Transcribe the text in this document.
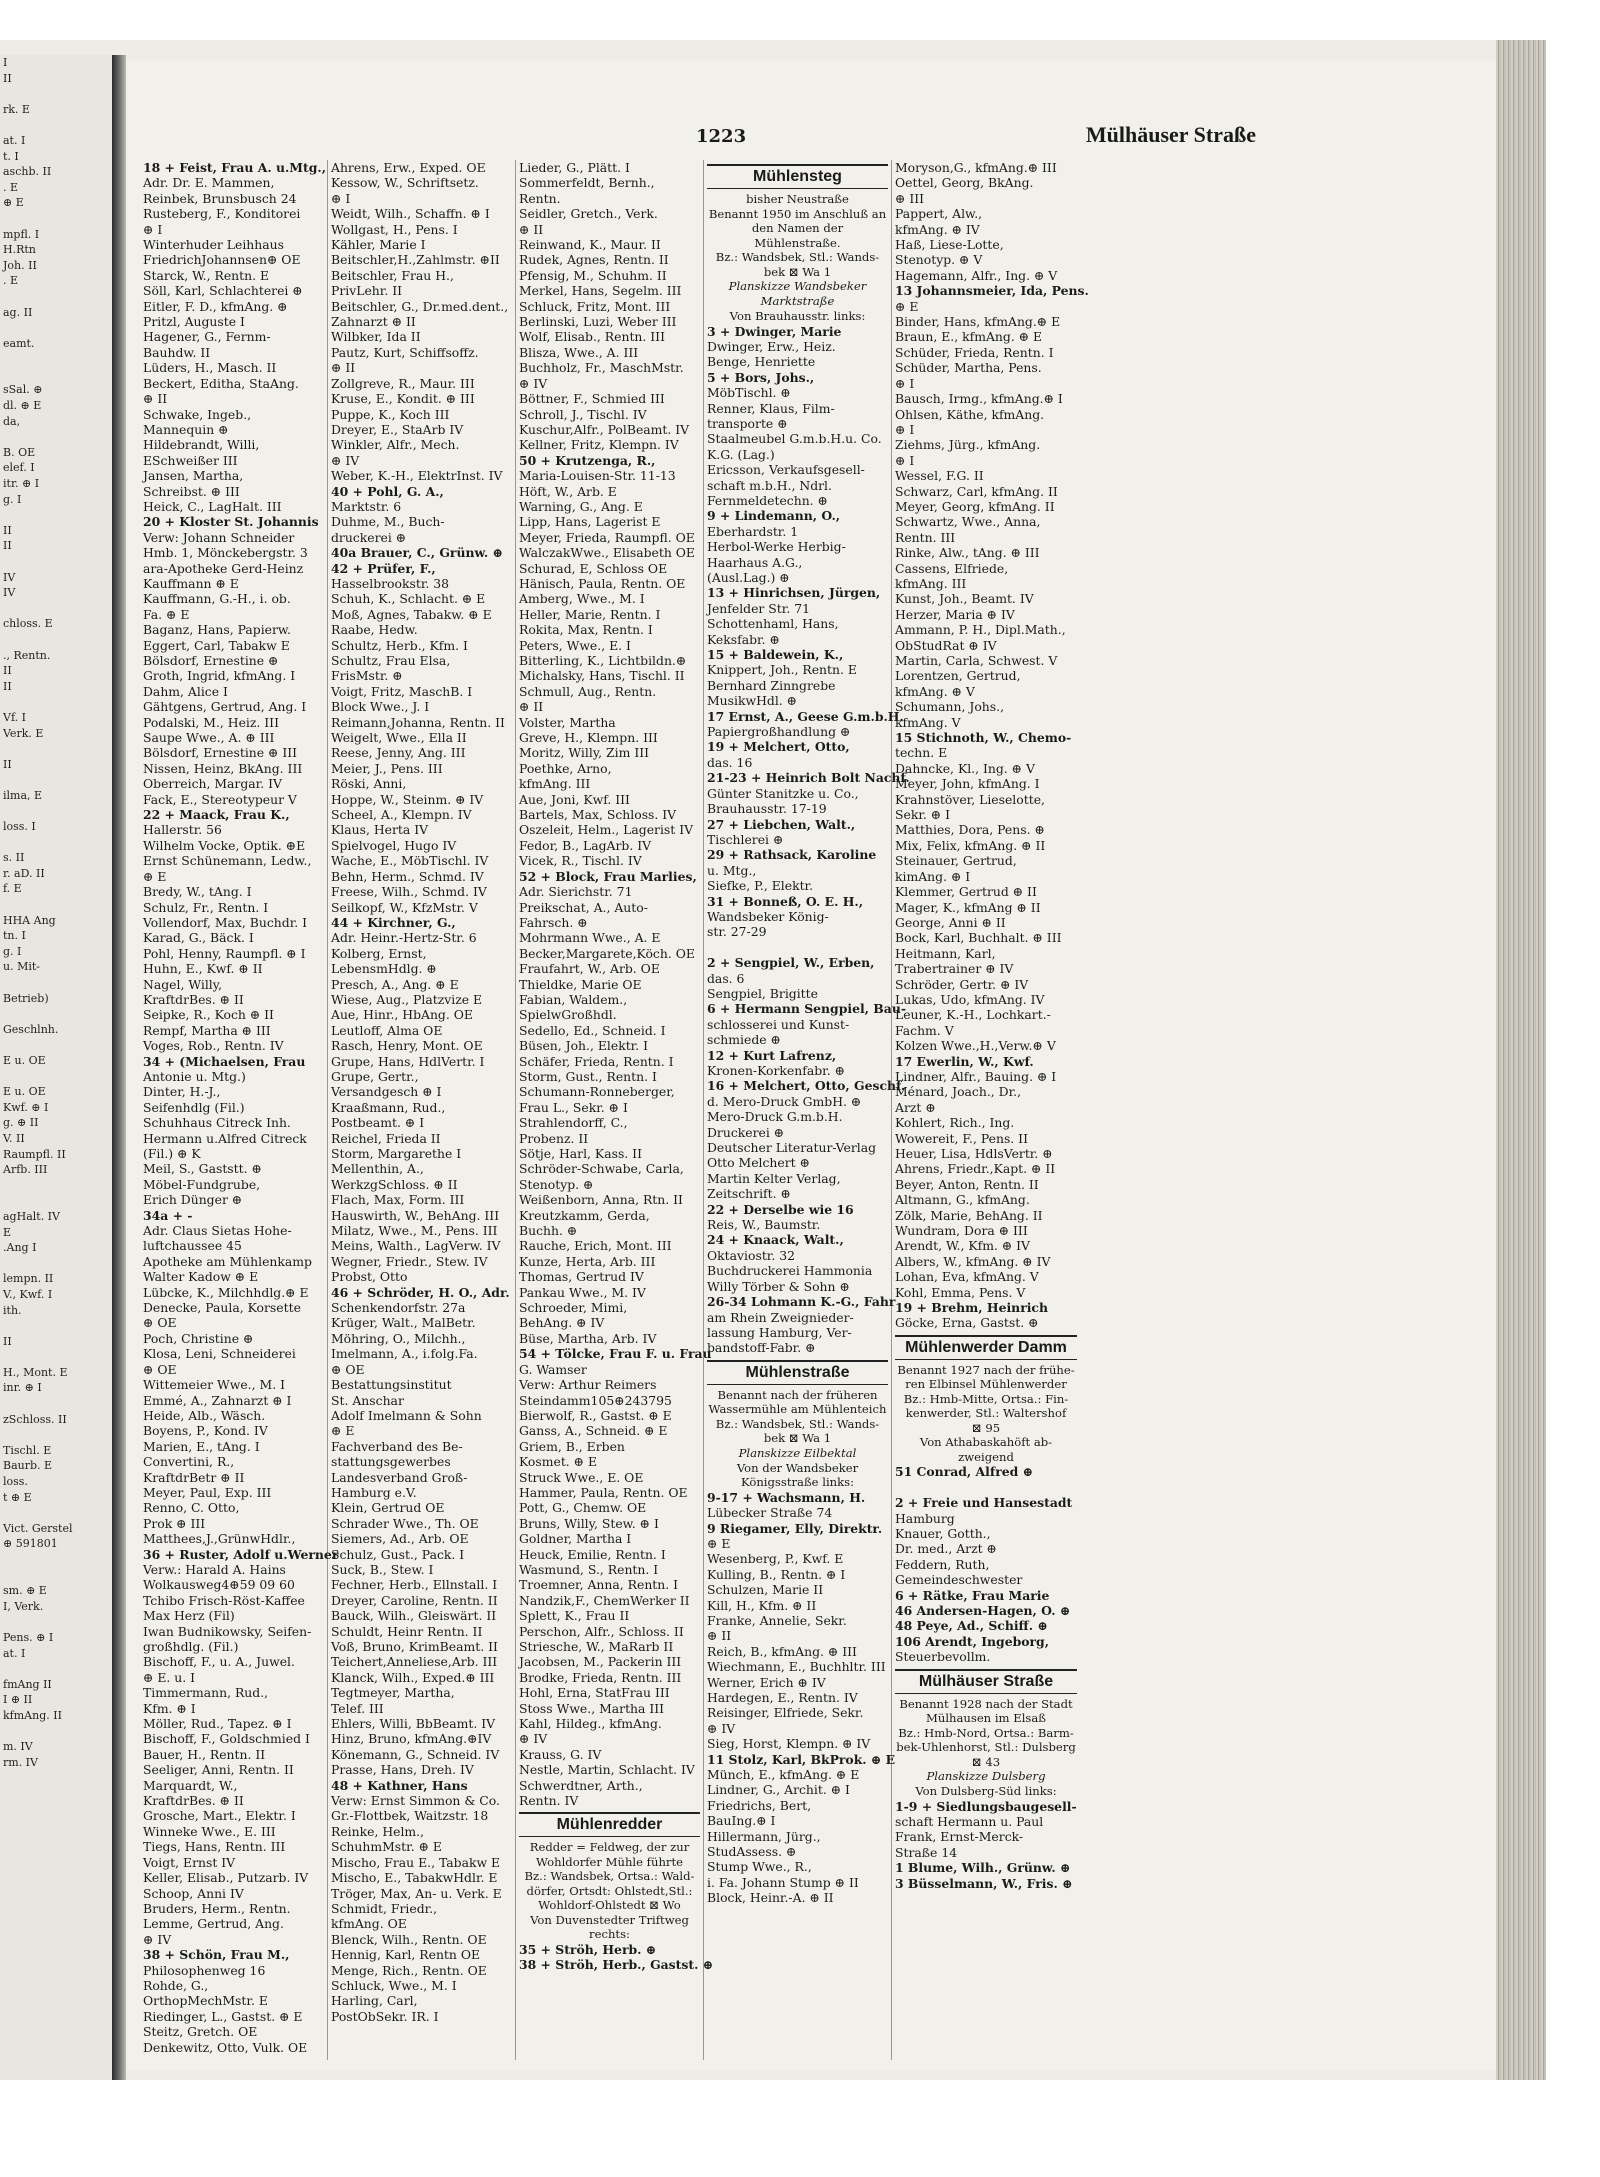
I
II

rk. E

at. I
t. I
aschb. II
. E
⊕ E

mpfl. I
H.Rtn
Joh. II
. E

ag. II

eamt.

sSal. ⊕
dl. ⊕ E
da,

B. OE
elef. I
itr. ⊕ I
g. I

II
II

IV
IV

chloss. E

., Rentn.
II
II

Vf. I
Verk. E

II

ilma, E

loss. I

s. II
r. aD. II
f. E

HHA Ang
tn. I
g. I
u. Mit-

Betrieb)

Geschlnh.

E u. OE

E u. OE
Kwf. ⊕ I
g. ⊕ II
V. II
Raumpfl. II
Arfb. III

agHalt. IV
E
.Ang I

lempn. II
V., Kwf. I
ith.

II

H., Mont. E
inr. ⊕ I

zSchloss. II

Tischl. E
Baurb. E
loss.
t ⊕ E

Vict. Gerstel
⊕ 591801

sm. ⊕ E
I, Verk.

Pens. ⊕ I
at. I

fmAng II
I ⊕ II
kfmAng. II

m. IV
rm. IV
1223	Mülhäuser Straße
18 + Feist, Frau A. u.Mtg.,
Adr. Dr. E. Mammen,
Reinbek, Brunsbusch 24
Rusteberg, F., Konditorei
⊕ I
Winterhuder Leihhaus
FriedrichJohannsen⊕ OE
Starck, W., Rentn. E
Söll, Karl, Schlachterei ⊕
Eitler, F. D., kfmAng. ⊕
Pritzl, Auguste I
Hagener, G., Fernm-
Bauhdw. II
Lüders, H., Masch. II
Beckert, Editha, StaAng.
⊕ II
Schwake, Ingeb.,
Mannequin ⊕
Hildebrandt, Willi,
ESchweißer III
Jansen, Martha,
Schreibst. ⊕ III
Heick, C., LagHalt. III
20 + Kloster St. Johannis
Verw: Johann Schneider
Hmb. 1, Mönckebergstr. 3
ara-Apotheke Gerd-Heinz
Kauffmann ⊕ E
Kauffmann, G.-H., i. ob.
Fa. ⊕ E
Baganz, Hans, Papierw.
Eggert, Carl, Tabakw E
Bölsdorf, Ernestine ⊕
Groth, Ingrid, kfmAng. I
Dahm, Alice I
Gähtgens, Gertrud, Ang. I
Podalski, M., Heiz. III
Saupe Wwe., A. ⊕ III
Bölsdorf, Ernestine ⊕ III
Nissen, Heinz, BkAng. III
Oberreich, Margar. IV
Fack, E., Stereotypeur V
22 + Maack, Frau K.,
Hallerstr. 56
Wilhelm Vocke, Optik. ⊕E
Ernst Schünemann, Ledw.,
⊕ E
Bredy, W., tAng. I
Schulz, Fr., Rentn. I
Vollendorf, Max, Buchdr. I
Karad, G., Bäck. I
Pohl, Henny, Raumpfl. ⊕ I
Huhn, E., Kwf. ⊕ II
Nagel, Willy,
KraftdrBes. ⊕ II
Seipke, R., Koch ⊕ II
Rempf, Martha ⊕ III
Voges, Rob., Rentn. IV
34 + (Michaelsen, Frau
Antonie u. Mtg.)
Dinter, H.-J.,
Seifenhdlg (Fil.)
Schuhhaus Citreck Inh.
Hermann u.Alfred Citreck
(Fil.) ⊕ K
Meil, S., Gaststt. ⊕
Möbel-Fundgrube,
Erich Dünger ⊕
34a + -
Adr. Claus Sietas Hohe-
luftchaussee 45
Apotheke am Mühlenkamp
Walter Kadow ⊕ E
Lübcke, K., Milchhdlg.⊕ E
Denecke, Paula, Korsette
⊕ OE
Poch, Christine ⊕
Klosa, Leni, Schneiderei
⊕ OE
Wittemeier Wwe., M. I
Emmé, A., Zahnarzt ⊕ I
Heide, Alb., Wäsch.
Boyens, P., Kond. IV
Marien, E., tAng. I
Convertini, R.,
KraftdrBetr ⊕ II
Meyer, Paul, Exp. III
Renno, C. Otto,
Prok ⊕ III
Matthees,J.,GrünwHdlr.,
36 + Ruster, Adolf u.Werner
Verw.: Harald A. Hains
Wolkausweg4⊕59 09 60
Tchibo Frisch-Röst-Kaffee
Max Herz (Fil)
Iwan Budnikowsky, Seifen-
großhdlg. (Fil.)
Bischoff, F., u. A., Juwel.
⊕ E. u. I
Timmermann, Rud.,
Kfm. ⊕ I
Möller, Rud., Tapez. ⊕ I
Bischoff, F., Goldschmied I
Bauer, H., Rentn. II
Seeliger, Anni, Rentn. II
Marquardt, W.,
KraftdrBes. ⊕ II
Grosche, Mart., Elektr. I
Winneke Wwe., E. III
Tiegs, Hans, Rentn. III
Voigt, Ernst IV
Keller, Elisab., Putzarb. IV
Schoop, Anni IV
Bruders, Herm., Rentn.
Lemme, Gertrud, Ang.
⊕ IV
38 + Schön, Frau M.,
Philosophenweg 16
Rohde, G.,
OrthopMechMstr. E
Riedinger, L., Gastst. ⊕ E
Steitz, Gretch. OE
Denkewitz, Otto, Vulk. OE
Ahrens, Erw., Exped. OE
Kessow, W., Schriftsetz.
⊕ I
Weidt, Wilh., Schaffn. ⊕ I
Wollgast, H., Pens. I
Kähler, Marie I
Beitschler,H.,Zahlmstr. ⊕II
Beitschler, Frau H.,
PrivLehr. II
Beitschler, G., Dr.med.dent.,
Zahnarzt ⊕ II
Wilbker, Ida II
Pautz, Kurt, Schiffsoffz.
⊕ II
Zollgreve, R., Maur. III
Kruse, E., Kondit. ⊕ III
Puppe, K., Koch III
Dreyer, E., StaArb IV
Winkler, Alfr., Mech.
⊕ IV
Weber, K.-H., ElektrInst. IV
40 + Pohl, G. A.,
Marktstr. 6
Duhme, M., Buch-
druckerei ⊕
40a Brauer, C., Grünw. ⊕
42 + Prüfer, F.,
Hasselbrookstr. 38
Schuh, K., Schlacht. ⊕ E
Moß, Agnes, Tabakw. ⊕ E
Raabe, Hedw.
Schultz, Herb., Kfm. I
Schultz, Frau Elsa,
FrisMstr. ⊕
Voigt, Fritz, MaschB. I
Block Wwe., J. I
Reimann,Johanna, Rentn. II
Weigelt, Wwe., Ella II
Reese, Jenny, Ang. III
Meier, J., Pens. III
Röski, Anni,
Hoppe, W., Steinm. ⊕ IV
Scheel, A., Klempn. IV
Klaus, Herta IV
Spielvogel, Hugo IV
Wache, E., MöbTischl. IV
Behn, Herm., Schmd. IV
Freese, Wilh., Schmd. IV
Seilkopf, W., KfzMstr. V
44 + Kirchner, G.,
Adr. Heinr.-Hertz-Str. 6
Kolberg, Ernst,
LebensmHdlg. ⊕
Presch, A., Ang. ⊕ E
Wiese, Aug., Platzvize E
Aue, Hinr., HbAng. OE
Leutloff, Alma OE
Rasch, Henry, Mont. OE
Grupe, Hans, HdlVertr. I
Grupe, Gertr.,
Versandgesch ⊕ I
Kraaßmann, Rud.,
Postbeamt. ⊕ I
Reichel, Frieda II
Storm, Margarethe I
Mellenthin, A.,
WerkzgSchloss. ⊕ II
Flach, Max, Form. III
Hauswirth, W., BehAng. III
Milatz, Wwe., M., Pens. III
Meins, Walth., LagVerw. IV
Wegner, Friedr., Stew. IV
Probst, Otto
46 + Schröder, H. O., Adr.
Schenkendorfstr. 27a
Krüger, Walt., MalBetr.
Möhring, O., Milchh.,
Imelmann, A., i.folg.Fa.
⊕ OE
Bestattungsinstitut
St. Anschar
Adolf Imelmann & Sohn
⊕ E
Fachverband des Be-
stattungsgewerbes
Landesverband Groß-
Hamburg e.V.
Klein, Gertrud OE
Schrader Wwe., Th. OE
Siemers, Ad., Arb. OE
Schulz, Gust., Pack. I
Suck, B., Stew. I
Fechner, Herb., Ellnstall. I
Dreyer, Caroline, Rentn. II
Bauck, Wilh., Gleiswärt. II
Schuldt, Heinr Rentn. II
Voß, Bruno, KrimBeamt. II
Teichert,Anneliese,Arb. III
Klanck, Wilh., Exped.⊕ III
Tegtmeyer, Martha,
Telef. III
Ehlers, Willi, BbBeamt. IV
Hinz, Bruno, kfmAng.⊕IV
Könemann, G., Schneid. IV
Prasse, Hans, Dreh. IV
48 + Kathner, Hans
Verw: Ernst Simmon & Co.
Gr.-Flottbek, Waitzstr. 18
Reinke, Helm.,
SchuhmMstr. ⊕ E
Mischo, Frau E., Tabakw E
Mischo, E., TabakwHdlr. E
Tröger, Max, An- u. Verk. E
Schmidt, Friedr.,
kfmAng. OE
Blenck, Wilh., Rentn. OE
Hennig, Karl, Rentn OE
Menge, Rich., Rentn. OE
Schluck, Wwe., M. I
Harling, Carl,
PostObSekr. IR. I
Lieder, G., Plätt. I
Sommerfeldt, Bernh.,
Rentn.
Seidler, Gretch., Verk.
⊕ II
Reinwand, K., Maur. II
Rudek, Agnes, Rentn. II
Pfensig, M., Schuhm. II
Merkel, Hans, Segelm. III
Schluck, Fritz, Mont. III
Berlinski, Luzi, Weber III
Wolf, Elisab., Rentn. III
Blisza, Wwe., A. III
Buchholz, Fr., MaschMstr.
⊕ IV
Böttner, F., Schmied III
Schroll, J., Tischl. IV
Kuschur,Alfr., PolBeamt. IV
Kellner, Fritz, Klempn. IV
50 + Krutzenga, R.,
Maria-Louisen-Str. 11-13
Höft, W., Arb. E
Warning, G., Ang. E
Lipp, Hans, Lagerist E
Meyer, Frieda, Raumpfl. OE
WalczakWwe., Elisabeth OE
Schurad, E, Schloss OE
Hänisch, Paula, Rentn. OE
Amberg, Wwe., M. I
Heller, Marie, Rentn. I
Rokita, Max, Rentn. I
Peters, Wwe., E. I
Bitterling, K., Lichtbildn.⊕
Michalsky, Hans, Tischl. II
Schmull, Aug., Rentn.
⊕ II
Volster, Martha
Greve, H., Klempn. III
Moritz, Willy, Zim III
Poethke, Arno,
kfmAng. III
Aue, Joni, Kwf. III
Bartels, Max, Schloss. IV
Oszeleit, Helm., Lagerist IV
Fedor, B., LagArb. IV
Vicek, R., Tischl. IV
52 + Block, Frau Marlies,
Adr. Sierichstr. 71
Preikschat, A., Auto-
Fahrsch. ⊕
Mohrmann Wwe., A. E
Becker,Margarete,Köch. OE
Fraufahrt, W., Arb. OE
Thieldke, Marie OE
Fabian, Waldem.,
SpielwGroßhdl.
Sedello, Ed., Schneid. I
Büsen, Joh., Elektr. I
Schäfer, Frieda, Rentn. I
Storm, Gust., Rentn. I
Schumann-Ronneberger,
Frau L., Sekr. ⊕ I
Strahlendorff, C.,
Probenz. II
Sötje, Harl, Kass. II
Schröder-Schwabe, Carla,
Stenotyp. ⊕
Weißenborn, Anna, Rtn. II
Kreutzkamm, Gerda,
Buchh. ⊕
Rauche, Erich, Mont. III
Kunze, Herta, Arb. III
Thomas, Gertrud IV
Pankau Wwe., M. IV
Schroeder, Mimi,
BehAng. ⊕ IV
Büse, Martha, Arb. IV
54 + Tölcke, Frau F. u. Frau
G. Wamser
Verw: Arthur Reimers
Steindamm105⊕243795
Bierwolf, R., Gastst. ⊕ E
Ganss, A., Schneid. ⊕ E
Griem, B., Erben
Kosmet. ⊕ E
Struck Wwe., E. OE
Hammer, Paula, Rentn. OE
Pott, G., Chemw. OE
Bruns, Willy, Stew. ⊕ I
Goldner, Martha I
Heuck, Emilie, Rentn. I
Wasmund, S., Rentn. I
Troemner, Anna, Rentn. I
Nandzik,F., ChemWerker II
Splett, K., Frau II
Perschon, Alfr., Schloss. II
Striesche, W., MaRarb II
Jacobsen, M., Packerin III
Brodke, Frieda, Rentn. III
Hohl, Erna, StatFrau III
Stoss Wwe., Martha III
Kahl, Hildeg., kfmAng.
⊕ IV
Krauss, G. IV
Nestle, Martin, Schlacht. IV
Schwerdtner, Arth.,
Rentn. IV
Mühlenredder
Redder = Feldweg, der zur
Wohldorfer Mühle führte
Bz.: Wandsbek, Ortsa.: Wald-
dörfer, Ortsdt: Ohlstedt,Stl.:
Wohldorf-Ohlstedt ⊠ Wo
Von Duvenstedter Triftweg
rechts:
35 + Ströh, Herb. ⊕
38 + Ströh, Herb., Gastst. ⊕
Mühlensteg
bisher Neustraße
Benannt 1950 im Anschluß an
den Namen der Mühlenstraße.
Bz.: Wandsbek, Stl.: Wands-
bek ⊠ Wa 1
Planskizze Wandsbeker
Marktstraße
Von Brauhausstr. links:
3 + Dwinger, Marie
Dwinger, Erw., Heiz.
Benge, Henriette
5 + Bors, Johs.,
MöbTischl. ⊕
Renner, Klaus, Film-
transporte ⊕
Staalmeubel G.m.b.H.u. Co.
K.G. (Lag.)
Ericsson, Verkaufsgesell-
schaft m.b.H., Ndrl.
Fernmeldetechn. ⊕
9 + Lindemann, O.,
Eberhardstr. 1
Herbol-Werke Herbig-
Haarhaus A.G.,
(Ausl.Lag.) ⊕
13 + Hinrichsen, Jürgen,
Jenfelder Str. 71
Schottenhaml, Hans,
Keksfabr. ⊕
15 + Baldewein, K.,
Knippert, Joh., Rentn. E
Bernhard Zinngrebe
MusikwHdl. ⊕
17 Ernst, A., Geese G.m.b.H.
Papiergroßhandlung ⊕
19 + Melchert, Otto,
das. 16
21-23 + Heinrich Bolt Nachf.
Günter Stanitzke u. Co.,
Brauhausstr. 17-19
27 + Liebchen, Walt.,
Tischlerei ⊕
29 + Rathsack, Karoline
u. Mtg.,
Siefke, P., Elektr.
31 + Bonneß, O. E. H.,
Wandsbeker König-
str. 27-29

2 + Sengpiel, W., Erben,
das. 6
Sengpiel, Brigitte
6 + Hermann Sengpiel, Bau-
schlosserei und Kunst-
schmiede ⊕
12 + Kurt Lafrenz,
Kronen-Korkenfabr. ⊕
16 + Melchert, Otto, Geschf.
d. Mero-Druck GmbH. ⊕
Mero-Druck G.m.b.H.
Druckerei ⊕
Deutscher Literatur-Verlag
Otto Melchert ⊕
Martin Kelter Verlag,
Zeitschrift. ⊕
22 + Derselbe wie 16
Reis, W., Baumstr.
24 + Knaack, Walt.,
Oktaviostr. 32
Buchdruckerei Hammonia
Willy Törber & Sohn ⊕
26-34 Lohmann K.-G., Fahr
am Rhein Zweignieder-
lassung Hamburg, Ver-
bandstoff-Fabr. ⊕
Mühlenstraße
Benannt nach der früheren
Wassermühle am Mühlenteich
Bz.: Wandsbek, Stl.: Wands-
bek ⊠ Wa 1
Planskizze Eilbektal
Von der Wandsbeker
Königsstraße links:
9-17 + Wachsmann, H.
Lübecker Straße 74
9 Riegamer, Elly, Direktr.
⊕ E
Wesenberg, P., Kwf. E
Kulling, B., Rentn. ⊕ I
Schulzen, Marie II
Kill, H., Kfm. ⊕ II
Franke, Annelie, Sekr.
⊕ II
Reich, B., kfmAng. ⊕ III
Wiechmann, E., Buchhltr. III
Werner, Erich ⊕ IV
Hardegen, E., Rentn. IV
Reisinger, Elfriede, Sekr.
⊕ IV
Sieg, Horst, Klempn. ⊕ IV
11 Stolz, Karl, BkProk. ⊕ E
Münch, E., kfmAng. ⊕ E
Lindner, G., Archit. ⊕ I
Friedrichs, Bert,
BauIng.⊕ I
Hillermann, Jürg.,
StudAssess. ⊕
Stump Wwe., R.,
i. Fa. Johann Stump ⊕ II
Block, Heinr.-A. ⊕ II
Moryson,G., kfmAng.⊕ III
Oettel, Georg, BkAng.
⊕ III
Pappert, Alw.,
kfmAng. ⊕ IV
Haß, Liese-Lotte,
Stenotyp. ⊕ V
Hagemann, Alfr., Ing. ⊕ V
13 Johannsmeier, Ida, Pens.
⊕ E
Binder, Hans, kfmAng.⊕ E
Braun, E., kfmAng. ⊕ E
Schüder, Frieda, Rentn. I
Schüder, Martha, Pens.
⊕ I
Bausch, Irmg., kfmAng.⊕ I
Ohlsen, Käthe, kfmAng.
⊕ I
Ziehms, Jürg., kfmAng.
⊕ I
Wessel, F.G. II
Schwarz, Carl, kfmAng. II
Meyer, Georg, kfmAng. II
Schwartz, Wwe., Anna,
Rentn. III
Rinke, Alw., tAng. ⊕ III
Cassens, Elfriede,
kfmAng. III
Kunst, Joh., Beamt. IV
Herzer, Maria ⊕ IV
Ammann, P. H., Dipl.Math.,
ObStudRat ⊕ IV
Martin, Carla, Schwest. V
Lorentzen, Gertrud,
kfmAng. ⊕ V
Schumann, Johs.,
kfmAng. V
15 Stichnoth, W., Chemo-
techn. E
Dahncke, Kl., Ing. ⊕ V
Meyer, John, kfmAng. I
Krahnstöver, Lieselotte,
Sekr. ⊕ I
Matthies, Dora, Pens. ⊕
Mix, Felix, kfmAng. ⊕ II
Steinauer, Gertrud,
kimAng. ⊕ I
Klemmer, Gertrud ⊕ II
Mager, K., kfmAng ⊕ II
George, Anni ⊕ II
Bock, Karl, Buchhalt. ⊕ III
Heitmann, Karl,
Trabertrainer ⊕ IV
Schröder, Gertr. ⊕ IV
Lukas, Udo, kfmAng. IV
Leuner, K.-H., Lochkart.-
Fachm. V
Kolzen Wwe.,H.,Verw.⊕ V
17 Ewerlin, W., Kwf.
Lindner, Alfr., Bauing. ⊕ I
Ménard, Joach., Dr.,
Arzt ⊕
Kohlert, Rich., Ing.
Wowereit, F., Pens. II
Heuer, Lisa, HdlsVertr. ⊕
Ahrens, Friedr.,Kapt. ⊕ II
Beyer, Anton, Rentn. II
Altmann, G., kfmAng.
Zölk, Marie, BehAng. II
Wundram, Dora ⊕ III
Arendt, W., Kfm. ⊕ IV
Albers, W., kfmAng. ⊕ IV
Lohan, Eva, kfmAng. V
Kohl, Emma, Pens. V
19 + Brehm, Heinrich
Göcke, Erna, Gastst. ⊕
Mühlenwerder Damm
Benannt 1927 nach der frühe-
ren Elbinsel Mühlenwerder
Bz.: Hmb-Mitte, Ortsa.: Fin-
kenwerder, Stl.: Waltershof
⊠ 95
Von Athabaskahöft ab-
zweigend
51 Conrad, Alfred ⊕

2 + Freie und Hansestadt
Hamburg
Knauer, Gotth.,
Dr. med., Arzt ⊕
Feddern, Ruth,
Gemeindeschwester
6 + Rätke, Frau Marie
46 Andersen-Hagen, O. ⊕
48 Peye, Ad., Schiff. ⊕
106 Arendt, Ingeborg,
Steuerbevollm.
Mülhäuser Straße
Benannt 1928 nach der Stadt
Mülhausen im Elsaß
Bz.: Hmb-Nord, Ortsa.: Barm-
bek-Uhlenhorst, Stl.: Dulsberg
⊠ 43
Planskizze Dulsberg
Von Dulsberg-Süd links:
1-9 + Siedlungsbaugesell-
schaft Hermann u. Paul
Frank, Ernst-Merck-
Straße 14
1 Blume, Wilh., Grünw. ⊕
3 Büsselmann, W., Fris. ⊕
